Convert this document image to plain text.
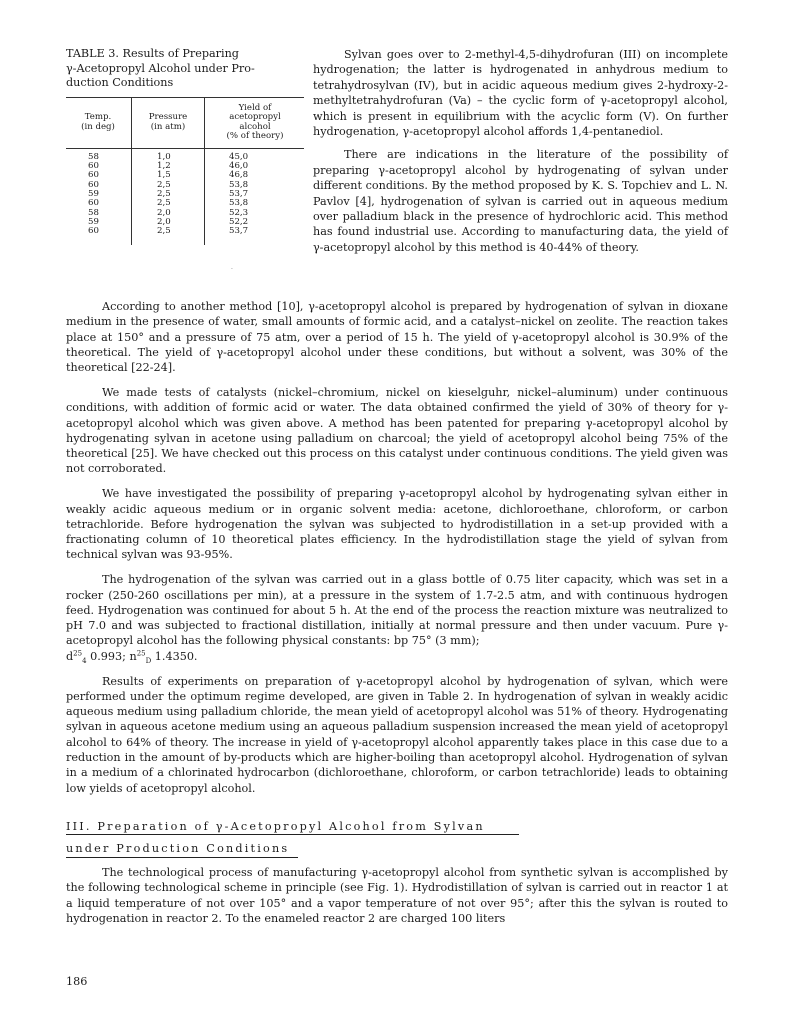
TABLE 3. Results of Preparing
γ-Acetopropyl Alcohol under Pro-
duction Conditions

Temp.
(in deg)
Pressure
(in atm)
Yield of
acetopropyl
alcohol
(% of theory)
58
60
60
60
59
60
58
59
60
1,0
1,2
1,5
2,5
2,5
2,5
2,0
2,0
2,5
45,0
46,0
46,8
53,8
53,7
53,8
52,3
52,2
53,7
·

Sylvan goes over to 2-methyl-4,5-dihydrofuran (III) on incomplete hydrogenation; the latter is hydrogenated in anhydrous medium to tetrahydrosylvan (IV), but in acidic aqueous medium gives 2-hydroxy-2-methyltetrahydrofuran (Va) – the cyclic form of γ-acetopropyl alcohol, which is present in equilibrium with the acyclic form (V). On further hydrogenation, γ-acetopropyl alcohol affords 1,4-pentanediol.

There are indications in the literature of the possibility of preparing γ-acetopropyl alcohol by hydrogenating of sylvan under different conditions. By the method proposed by K. S. Topchiev and L. N. Pavlov [4], hydrogenation of sylvan is carried out in aqueous medium over palladium black in the presence of hydrochloric acid. This method has found industrial use. According to manufacturing data, the yield of γ-acetopropyl alcohol by this method is 40-44% of theory.

According to another method [10], γ-acetopropyl alcohol is prepared by hydrogenation of sylvan in dioxane medium in the presence of water, small amounts of formic acid, and a catalyst–nickel on zeolite. The reaction takes place at 150° and a pressure of 75 atm, over a period of 15 h. The yield of γ-acetopropyl alcohol is 30.9% of the theoretical. The yield of γ-acetopropyl alcohol under these conditions, but without a solvent, was 30% of the theoretical [22-24].

We made tests of catalysts (nickel–chromium, nickel on kieselguhr, nickel–aluminum) under continuous conditions, with addition of formic acid or water. The data obtained confirmed the yield of 30% of theory for γ-acetopropyl alcohol which was given above. A method has been patented for preparing γ-acetopropyl alcohol by hydrogenating sylvan in acetone using palladium on charcoal; the yield of acetopropyl alcohol being 75% of the theoretical [25]. We have checked out this process on this catalyst under continuous conditions. The yield given was not corroborated.

We have investigated the possibility of preparing γ-acetopropyl alcohol by hydrogenating sylvan either in weakly acidic aqueous medium or in organic solvent media: acetone, dichloroethane, chloroform, or carbon tetrachloride. Before hydrogenation the sylvan was subjected to hydrodistillation in a set-up provided with a fractionating column of 10 theoretical plates efficiency. In the hydrodistillation stage the yield of sylvan from technical sylvan was 93-95%.

The hydrogenation of the sylvan was carried out in a glass bottle of 0.75 liter capacity, which was set in a rocker (250-260 oscillations per min), at a pressure in the system of 1.7-2.5 atm, and with continuous hydrogen feed. Hydrogenation was continued for about 5 h. At the end of the process the reaction mixture was neutralized to pH 7.0 and was subjected to fractional distillation, initially at normal pressure and then under vacuum. Pure γ-acetopropyl alcohol has the following physical constants: bp 75° (3 mm);
$d^{25}_4$ 0.993; $n^{25}_D$ 1.4350.

Results of experiments on preparation of γ-acetopropyl alcohol by hydrogenation of sylvan, which were performed under the optimum regime developed, are given in Table 2. In hydrogenation of sylvan in weakly acidic aqueous medium using palladium chloride, the mean yield of acetopropyl alcohol was 51% of theory. Hydrogenating sylvan in aqueous acetone medium using an aqueous palladium suspension increased the mean yield of acetopropyl alcohol to 64% of theory. The increase in yield of γ-acetopropyl alcohol apparently takes place in this case due to a reduction in the amount of by-products which are higher-boiling than acetopropyl alcohol. Hydrogenation of sylvan in a medium of a chlorinated hydrocarbon (dichloroethane, chloroform, or carbon tetrachloride) leads to obtaining low yields of acetopropyl alcohol.

III. Preparation of γ-Acetopropyl Alcohol from Sylvan
under Production Conditions

The technological process of manufacturing γ-acetopropyl alcohol from synthetic sylvan is accomplished by the following technological scheme in principle (see Fig. 1). Hydrodistillation of sylvan is carried out in reactor 1 at a liquid temperature of not over 105° and a vapor temperature of not over 95°; after this the sylvan is routed to hydrogenation in reactor 2. To the enameled reactor 2 are charged 100 liters

186
